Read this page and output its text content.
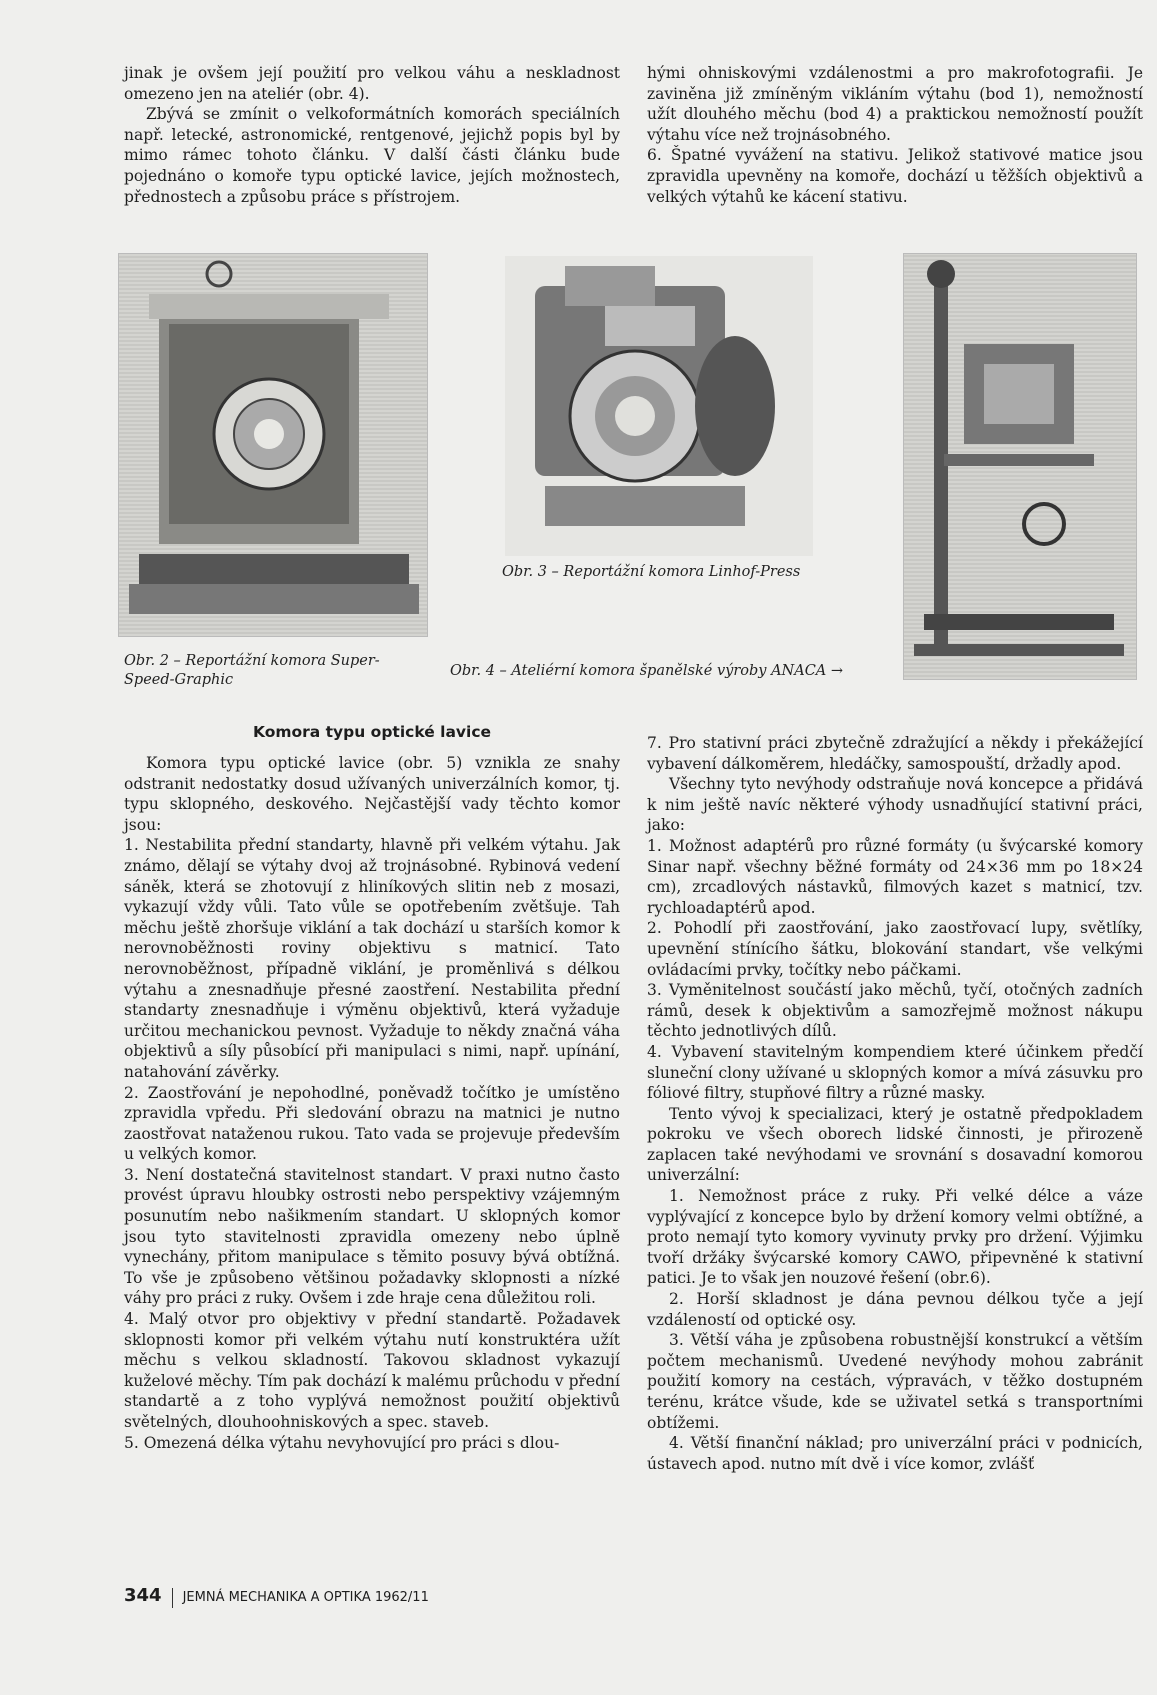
jinak je ovšem její použití pro velkou váhu a neskladnost omezeno jen na ateliér (obr. 4).

Zbývá se zmínit o velkoformátních komorách speciálních např. letecké, astronomické, rentgenové, jejichž popis byl by mimo rámec tohoto článku. V další části článku bude pojednáno o komoře typu optické lavice, jejích možnostech, přednostech a způsobu práce s přístrojem.

hými ohniskovými vzdálenostmi a pro makrofotografii. Je zaviněna již zmíněným vikláním výtahu (bod 1), nemožností užít dlouhého měchu (bod 4) a praktickou nemožností použít výtahu více než trojnásobného.

6. Špatné vyvážení na stativu. Jelikož stativové matice jsou zpravidla upevněny na komoře, dochází u těžších objektivů a velkých výtahů ke kácení stativu.

Obr. 2 – Reportážní komora Super-Speed-Graphic
Obr. 3 – Reportážní komora Linhof-Press
Obr. 4 – Ateliérní komora španělské výroby ANACA →

Komora typu optické lavice

Komora typu optické lavice (obr. 5) vznikla ze snahy odstranit nedostatky dosud užívaných univerzálních komor, tj. typu sklopného, deskového. Nejčastější vady těchto komor jsou:

1. Nestabilita přední standarty, hlavně při velkém výtahu. Jak známo, dělají se výtahy dvoj až trojnásobné. Rybinová vedení sáněk, která se zhotovují z hliníkových slitin neb z mosazi, vykazují vždy vůli. Tato vůle se opotřebením zvětšuje. Tah měchu ještě zhoršuje viklání a tak dochází u starších komor k nerovnoběžnosti roviny objektivu s matnicí. Tato nerovnoběžnost, případně viklání, je proměnlivá s délkou výtahu a znesnadňuje přesné zaostření. Nestabilita přední standarty znesnadňuje i výměnu objektivů, která vyžaduje určitou mechanickou pevnost. Vyžaduje to někdy značná váha objektivů a síly působící při manipulaci s nimi, např. upínání, natahování závěrky.

2. Zaostřování je nepohodlné, poněvadž točítko je umístěno zpravidla vpředu. Při sledování obrazu na matnici je nutno zaostřovat nataženou rukou. Tato vada se projevuje především u velkých komor.

3. Není dostatečná stavitelnost standart. V praxi nutno často provést úpravu hloubky ostrosti nebo perspektivy vzájemným posunutím nebo našikmením standart. U sklopných komor jsou tyto stavitelnosti zpravidla omezeny nebo úplně vynechány, přitom manipulace s těmito posuvy bývá obtížná. To vše je způsobeno většinou požadavky sklopnosti a nízké váhy pro práci z ruky. Ovšem i zde hraje cena důležitou roli.

4. Malý otvor pro objektivy v přední standartě. Požadavek sklopnosti komor při velkém výtahu nutí konstruktéra užít měchu s velkou skladností. Takovou skladnost vykazují kuželové měchy. Tím pak dochází k malému průchodu v přední standartě a z toho vyplývá nemožnost použití objektivů světelných, dlouhoohniskových a spec. staveb.

5. Omezená délka výtahu nevyhovující pro práci s dlou-

7. Pro stativní práci zbytečně zdražující a někdy i překážející vybavení dálkoměrem, hledáčky, samospouští, držadly apod.

Všechny tyto nevýhody odstraňuje nová koncepce a přidává k nim ještě navíc některé výhody usnadňující stativní práci, jako:

1. Možnost adaptérů pro různé formáty (u švýcarské komory Sinar např. všechny běžné formáty od 24×36 mm po 18×24 cm), zrcadlových nástavků, filmových kazet s matnicí, tzv. rychloadaptérů apod.

2. Pohodlí při zaostřování, jako zaostřovací lupy, světlíky, upevnění stínícího šátku, blokování standart, vše velkými ovládacími prvky, točítky nebo páčkami.

3. Vyměnitelnost součástí jako měchů, tyčí, otočných zadních rámů, desek k objektivům a samozřejmě možnost nákupu těchto jednotlivých dílů.

4. Vybavení stavitelným kompendiem které účinkem předčí sluneční clony užívané u sklopných komor a mívá zásuvku pro fóliové filtry, stupňové filtry a různé masky.

Tento vývoj k specializaci, který je ostatně předpokladem pokroku ve všech oborech lidské činnosti, je přirozeně zaplacen také nevýhodami ve srovnání s dosavadní komorou univerzální:

1. Nemožnost práce z ruky. Při velké délce a váze vyplývající z koncepce bylo by držení komory velmi obtížné, a proto nemají tyto komory vyvinuty prvky pro držení. Výjimku tvoří držáky švýcarské komory CAWO, připevněné k stativní patici. Je to však jen nouzové řešení (obr.6).

2. Horší skladnost je dána pevnou délkou tyče a její vzdáleností od optické osy.

3. Větší váha je způsobena robustnější konstrukcí a větším počtem mechanismů. Uvedené nevýhody mohou zabránit použití komory na cestách, výpravách, v těžko dostupném terénu, krátce všude, kde se uživatel setká s transportními obtížemi.

4. Větší finanční náklad; pro univerzální práci v podnicích, ústavech apod. nutno mít dvě i více komor, zvlášť

344 JEMNÁ MECHANIKA A OPTIKA 1962/11
